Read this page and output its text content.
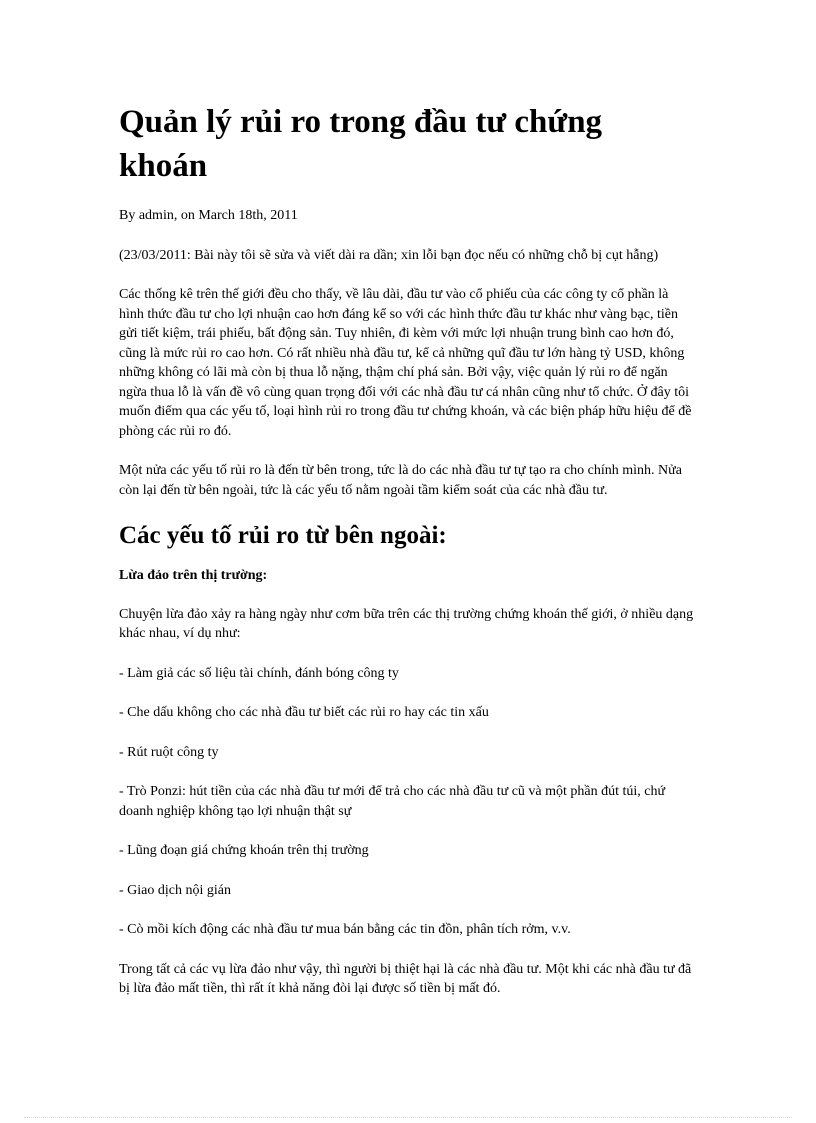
Quản lý rủi ro trong đầu tư chứng khoán

By admin, on March 18th, 2011

(23/03/2011: Bài này tôi sẽ sửa và viết dài ra dần; xin lỗi bạn đọc nếu có những chỗ bị cụt hẫng)

Các thống kê trên thế giới đều cho thấy, về lâu dài, đầu tư vào cổ phiếu của các công ty cổ phần là hình thức đầu tư cho lợi nhuận cao hơn đáng kể so với các hình thức đầu tư khác như vàng bạc, tiền gửi tiết kiệm, trái phiếu, bất động sản. Tuy nhiên, đi kèm với mức lợi nhuận trung bình cao hơn đó, cũng là mức rủi ro cao hơn. Có rất nhiều nhà đầu tư, kể cả những quĩ đầu tư lớn hàng tỷ USD, không những không có lãi mà còn bị thua lỗ nặng, thậm chí phá sản. Bởi vậy, việc quản lý rủi ro để ngăn ngừa thua lỗ là vấn đề vô cùng quan trọng đối với các nhà đầu tư cá nhân cũng như tổ chức. Ở đây tôi muốn điểm qua các yếu tố, loại hình rủi ro trong đầu tư chứng khoán, và các biện pháp hữu hiệu để đề phòng các rủi ro đó.

Một nửa các yếu tố rủi ro là đến từ bên trong, tức là do các nhà đầu tư tự tạo ra cho chính mình. Nửa còn lại đến từ bên ngoài, tức là các yếu tố nằm ngoài tầm kiểm soát của các nhà đầu tư.

Các yếu tố rủi ro từ bên ngoài:

Lừa đảo trên thị trường:

Chuyện lừa đảo xảy ra hàng ngày như cơm bữa trên các thị trường chứng khoán thế giới, ở nhiều dạng khác nhau, ví dụ như:

- Làm giả các số liệu tài chính, đánh bóng công ty

- Che dấu không cho các nhà đầu tư biết các rủi ro hay các tin xấu

- Rút ruột công ty

- Trò Ponzi: hút tiền của các nhà đầu tư mới để trả cho các nhà đầu tư cũ và một phần đút túi, chứ doanh nghiệp không tạo lợi nhuận thật sự

- Lũng đoạn giá chứng khoán trên thị trường

- Giao dịch nội gián

- Cò mồi kích động các nhà đầu tư mua bán bằng các tin đồn, phân tích rởm, v.v.

Trong tất cả các vụ lừa đảo như vậy, thì người bị thiệt hại là các nhà đầu tư. Một khi các nhà đầu tư đã bị lừa đảo mất tiền, thì rất ít khả năng đòi lại được số tiền bị mất đó.
